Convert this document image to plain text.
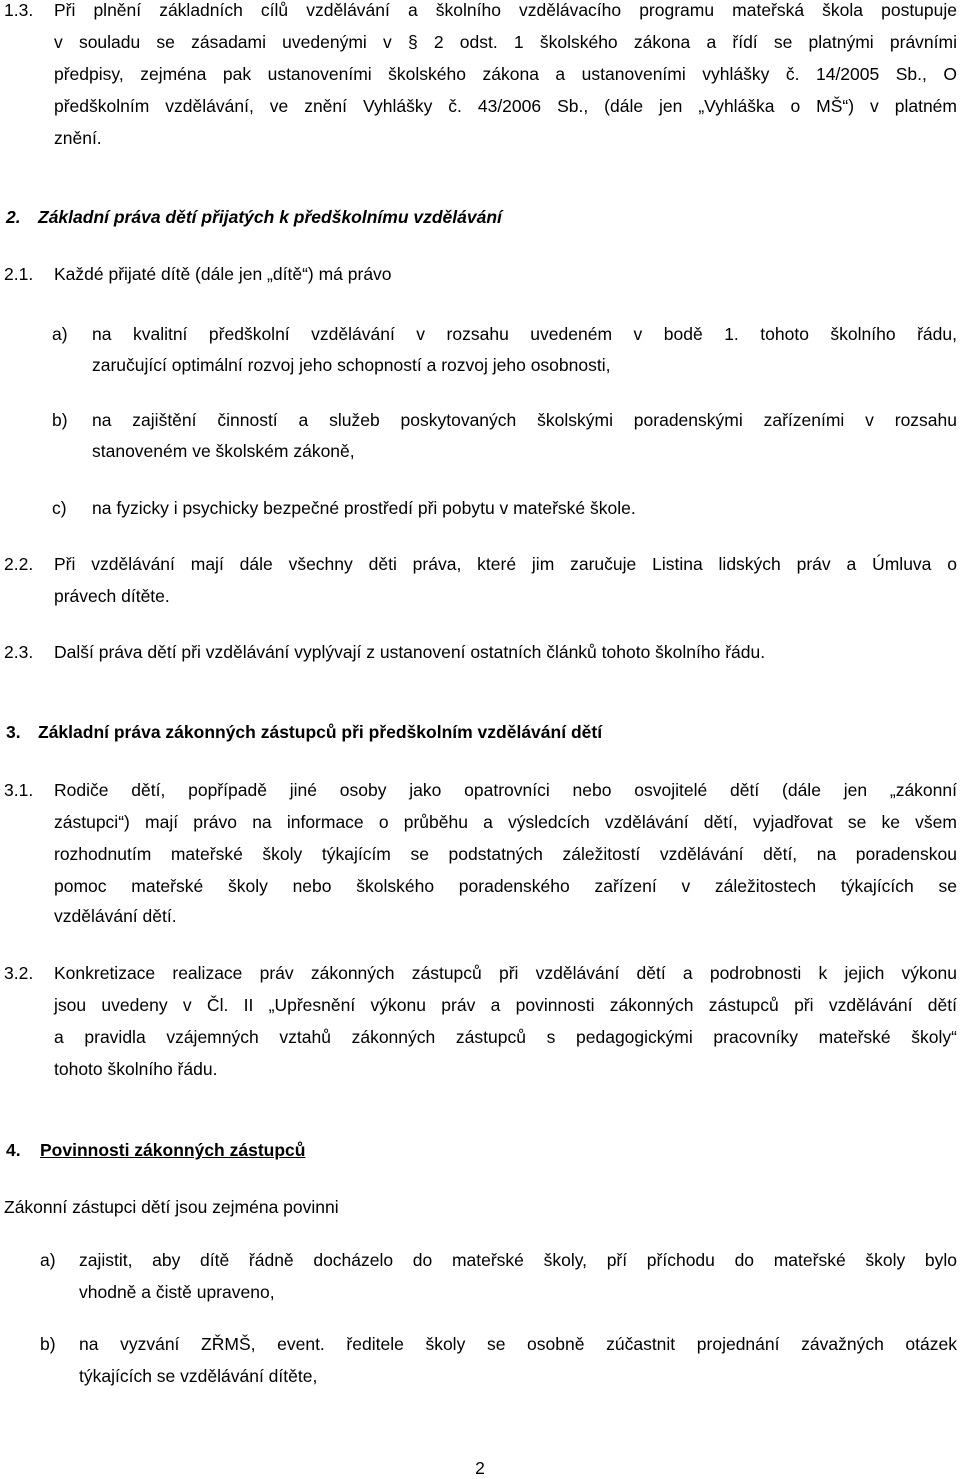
1.3. Při plnění základních cílů vzdělávání a školního vzdělávacího programu mateřská škola postupuje
v souladu se zásadami uvedenými v § 2 odst. 1 školského zákona a řídí se platnými právními
předpisy, zejména pak ustanoveními školského zákona a ustanoveními vyhlášky č. 14/2005 Sb., O
předškolním vzdělávání, ve znění Vyhlášky č. 43/2006 Sb., (dále jen „Vyhláška o MŠ“) v platném
znění.
2. Základní práva dětí přijatých k předškolnímu vzdělávání
2.1. Každé přijaté dítě (dále jen „dítě“) má právo
a) na kvalitní předškolní vzdělávání v rozsahu uvedeném v bodě 1. tohoto školního řádu,
zaručující optimální rozvoj jeho schopností a rozvoj jeho osobnosti,
b) na zajištění činností a služeb poskytovaných školskými poradenskými zařízeními v rozsahu
stanoveném ve školském zákoně,
c) na fyzicky i psychicky bezpečné prostředí při pobytu v mateřské škole.
2.2. Při vzdělávání mají dále všechny děti práva, které jim zaručuje Listina lidských práv a Úmluva o
právech dítěte.
2.3. Další práva dětí při vzdělávání vyplývají z ustanovení ostatních článků tohoto školního řádu.
3. Základní práva zákonných zástupců při předškolním vzdělávání dětí
3.1. Rodiče dětí, popřípadě jiné osoby jako opatrovníci nebo osvojitelé dětí (dále jen „zákonní
zástupci“) mají právo na informace o průběhu a výsledcích vzdělávání dětí, vyjadřovat se ke všem
rozhodnutím mateřské školy týkajícím se podstatných záležitostí vzdělávání dětí, na poradenskou
pomoc mateřské školy nebo školského poradenského zařízení v záležitostech týkajících se
vzdělávání dětí.
3.2. Konkretizace realizace práv zákonných zástupců při vzdělávání dětí a podrobnosti k jejich výkonu
jsou uvedeny v Čl. II „Upřesnění výkonu práv a povinnosti zákonných zástupců při vzdělávání dětí
a pravidla vzájemných vztahů zákonných zástupců s pedagogickými pracovníky mateřské školy“
tohoto školního řádu.
4. Povinnosti zákonných zástupců
Zákonní zástupci dětí jsou zejména povinni
a) zajistit, aby dítě řádně docházelo do mateřské školy, pří příchodu do mateřské školy bylo
vhodně a čistě upraveno,
b) na vyzvání ZŘMŠ, event. ředitele školy se osobně zúčastnit projednání závažných otázek
týkajících se vzdělávání dítěte,
2
